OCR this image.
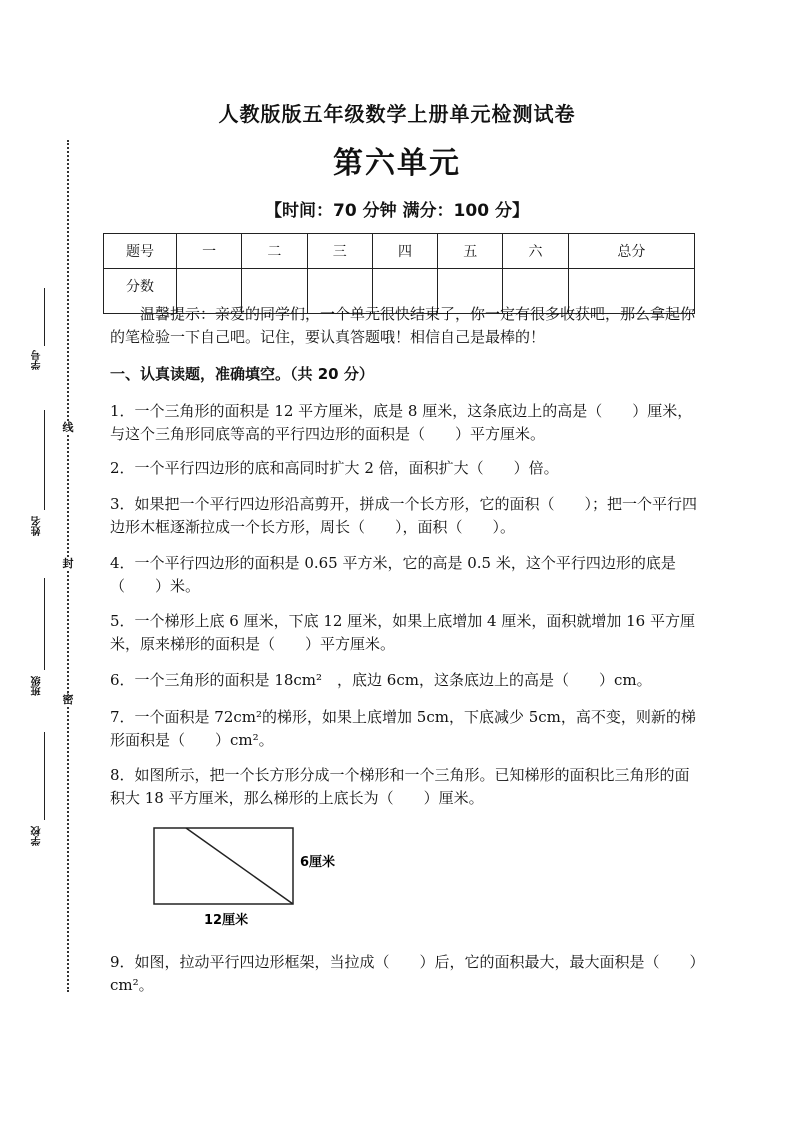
线
封
密
学号
姓名
班级
学校
人教版版五年级数学上册单元检测试卷
第六单元
【时间：70 分钟 满分：100 分】
题号	一	二	三	四	五	六	总分
分数							
温馨提示：亲爱的同学们，一个单元很快结束了，你一定有很多收获吧，那么拿起你的笔检验一下自己吧。记住，要认真答题哦！相信自己是最棒的！
一、认真读题，准确填空。（共 20 分）
1．一个三角形的面积是 12 平方厘米，底是 8 厘米，这条底边上的高是（　　）厘米，与这个三角形同底等高的平行四边形的面积是（　　）平方厘米。
2．一个平行四边形的底和高同时扩大 2 倍，面积扩大（　　）倍。
3．如果把一个平行四边形沿高剪开，拼成一个长方形，它的面积（　　）；把一个平行四边形木框逐渐拉成一个长方形，周长（　　），面积（　　）。
4．一个平行四边形的面积是 0.65 平方米，它的高是 0.5 米，这个平行四边形的底是（　　）米。
5．一个梯形上底 6 厘米，下底 12 厘米，如果上底增加 4 厘米，面积就增加 16 平方厘米，原来梯形的面积是（　　）平方厘米。
6．一个三角形的面积是 18cm²　，底边 6cm，这条底边上的高是（　　）cm。
7．一个面积是 72cm²的梯形，如果上底增加 5cm，下底减少 5cm，高不变，则新的梯形面积是（　　）cm²。
8．如图所示，把一个长方形分成一个梯形和一个三角形。已知梯形的面积比三角形的面积大 18 平方厘米，那么梯形的上底长为（　　）厘米。
6厘米
12厘米
9．如图，拉动平行四边形框架，当拉成（　　）后，它的面积最大，最大面积是（　　）cm²。
